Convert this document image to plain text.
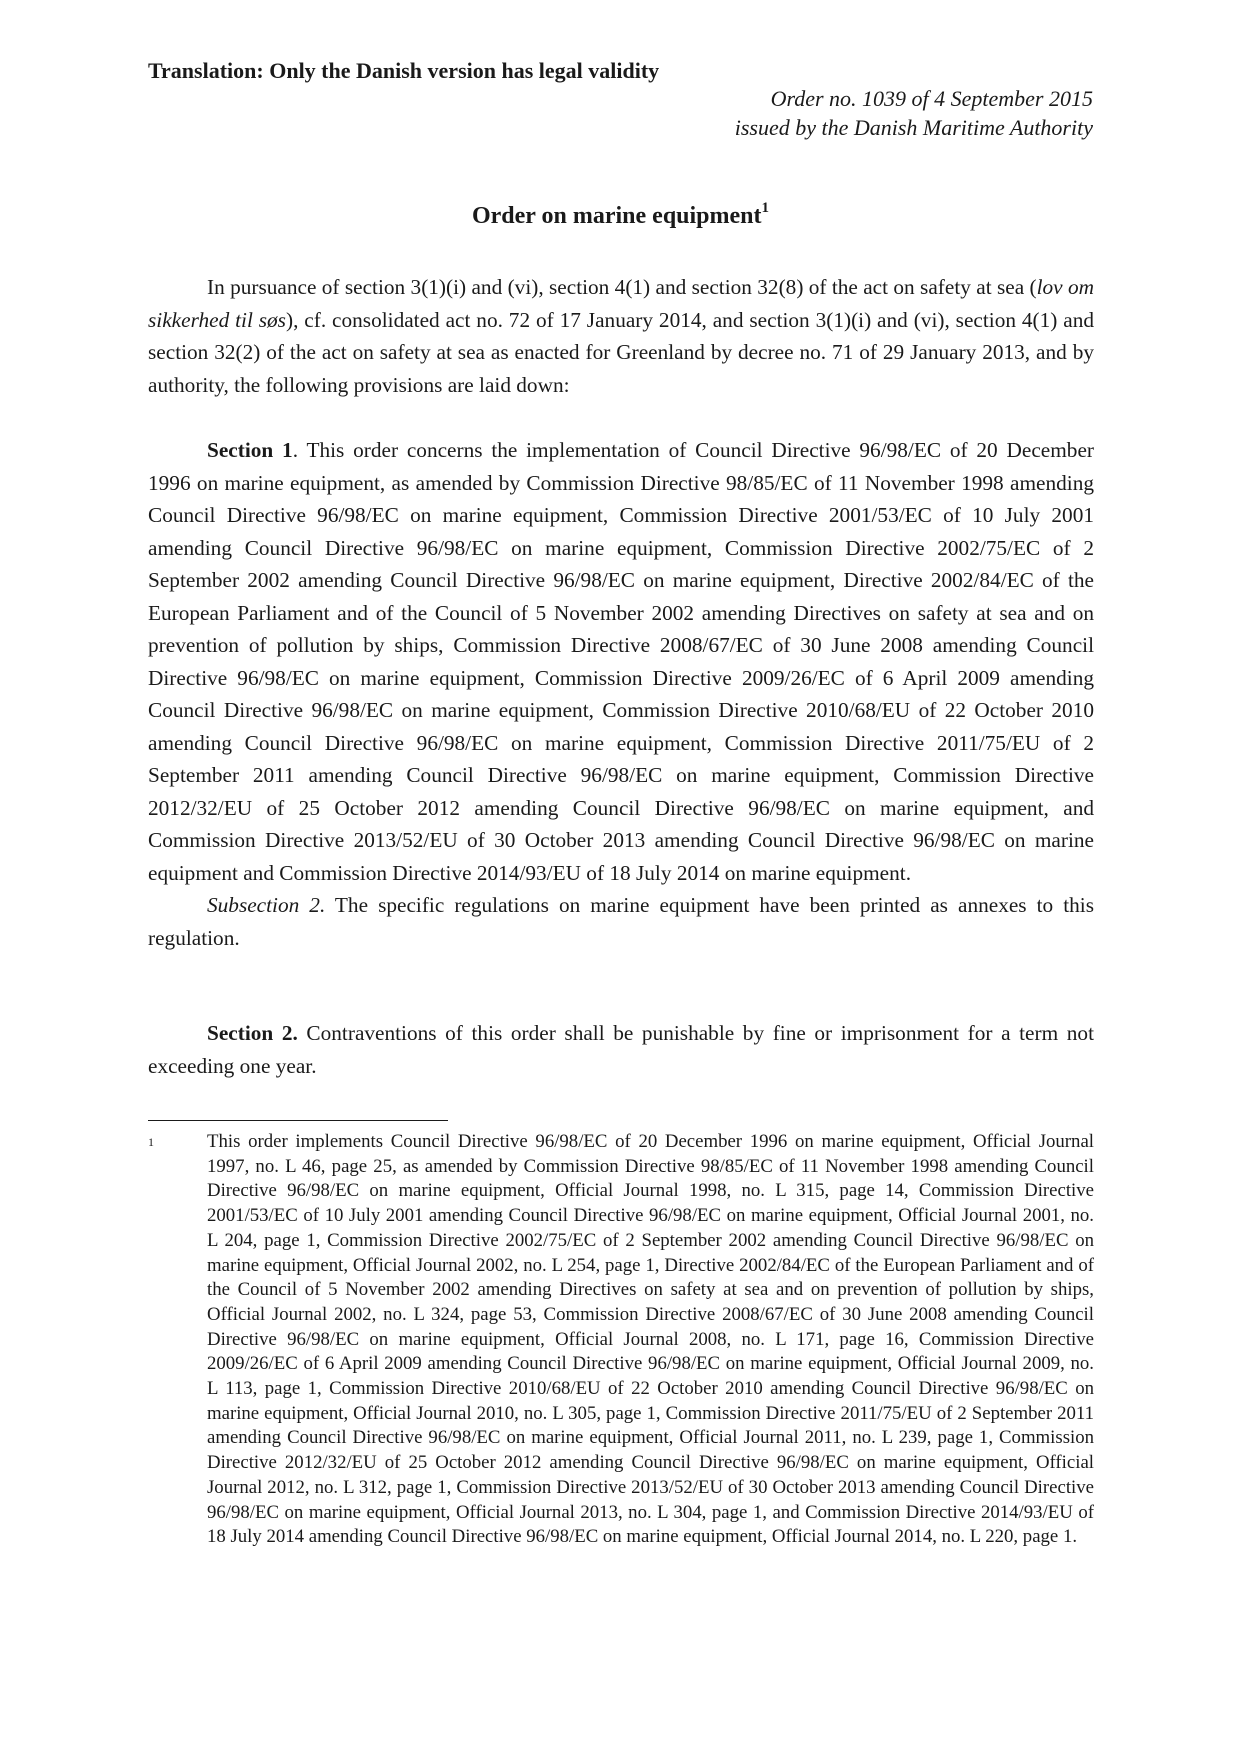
Translation: Only the Danish version has legal validity
Order no. 1039 of 4 September 2015
issued by the Danish Maritime Authority
Order on marine equipment$^1$

In pursuance of section 3(1)(i) and (vi), section 4(1) and section 32(8) of the act on safety at sea (lov om sikkerhed til søs), cf. consolidated act no. 72 of 17 January 2014, and section 3(1)(i) and (vi), section 4(1) and section 32(2) of the act on safety at sea as enacted for Greenland by decree no. 71 of 29 January 2013, and by authority, the following provisions are laid down:

Section 1. This order concerns the implementation of Council Directive 96/98/EC of 20 December 1996 on marine equipment, as amended by Commission Directive 98/85/EC of 11 November 1998 amending Council Directive 96/98/EC on marine equipment, Commission Directive 2001/53/EC of 10 July 2001 amending Council Directive 96/98/EC on marine equipment, Commission Directive 2002/75/EC of 2 September 2002 amending Council Directive 96/98/EC on marine equipment, Directive 2002/84/EC of the European Parliament and of the Council of 5 November 2002 amending Directives on safety at sea and on prevention of pollution by ships, Commission Directive 2008/67/EC of 30 June 2008 amending Council Directive 96/98/EC on marine equipment, Commission Directive 2009/26/EC of 6 April 2009 amending Council Directive 96/98/EC on marine equipment, Commission Directive 2010/68/EU of 22 October 2010 amending Council Directive 96/98/EC on marine equipment, Commission Directive 2011/75/EU of 2 September 2011 amending Council Directive 96/98/EC on marine equipment, Commission Directive 2012/32/EU of 25 October 2012 amending Council Directive 96/98/EC on marine equipment, and Commission Directive 2013/52/EU of 30 October 2013 amending Council Directive 96/98/EC on marine equipment and Commission Directive 2014/93/EU of 18 July 2014 on marine equipment.

Subsection 2. The specific regulations on marine equipment have been printed as annexes to this regulation.

Section 2. Contraventions of this order shall be punishable by fine or imprisonment for a term not exceeding one year.

1	This order implements Council Directive 96/98/EC of 20 December 1996 on marine equipment, Official Journal 1997, no. L 46, page 25, as amended by Commission Directive 98/85/EC of 11 November 1998 amending Council Directive 96/98/EC on marine equipment, Official Journal 1998, no. L 315, page 14, Commission Directive 2001/53/EC of 10 July 2001 amending Council Directive 96/98/EC on marine equipment, Official Journal 2001, no. L 204, page 1, Commission Directive 2002/75/EC of 2 September 2002 amending Council Directive 96/98/EC on marine equipment, Official Journal 2002, no. L 254, page 1, Directive 2002/84/EC of the European Parliament and of the Council of 5 November 2002 amending Directives on safety at sea and on prevention of pollution by ships, Official Journal 2002, no. L 324, page 53, Commission Directive 2008/67/EC of 30 June 2008 amending Council Directive 96/98/EC on marine equipment, Official Journal 2008, no. L 171, page 16, Commission Directive 2009/26/EC of 6 April 2009 amending Council Directive 96/98/EC on marine equipment, Official Journal 2009, no. L 113, page 1, Commission Directive 2010/68/EU of 22 October 2010 amending Council Directive 96/98/EC on marine equipment, Official Journal 2010, no. L 305, page 1, Commission Directive 2011/75/EU of 2 September 2011 amending Council Directive 96/98/EC on marine equipment, Official Journal 2011, no. L 239, page 1, Commission Directive 2012/32/EU of 25 October 2012 amending Council Directive 96/98/EC on marine equipment, Official Journal 2012, no. L 312, page 1, Commission Directive 2013/52/EU of 30 October 2013 amending Council Directive 96/98/EC on marine equipment, Official Journal 2013, no. L 304, page 1, and Commission Directive 2014/93/EU of 18 July 2014 amending Council Directive 96/98/EC on marine equipment, Official Journal 2014, no. L 220, page 1.
